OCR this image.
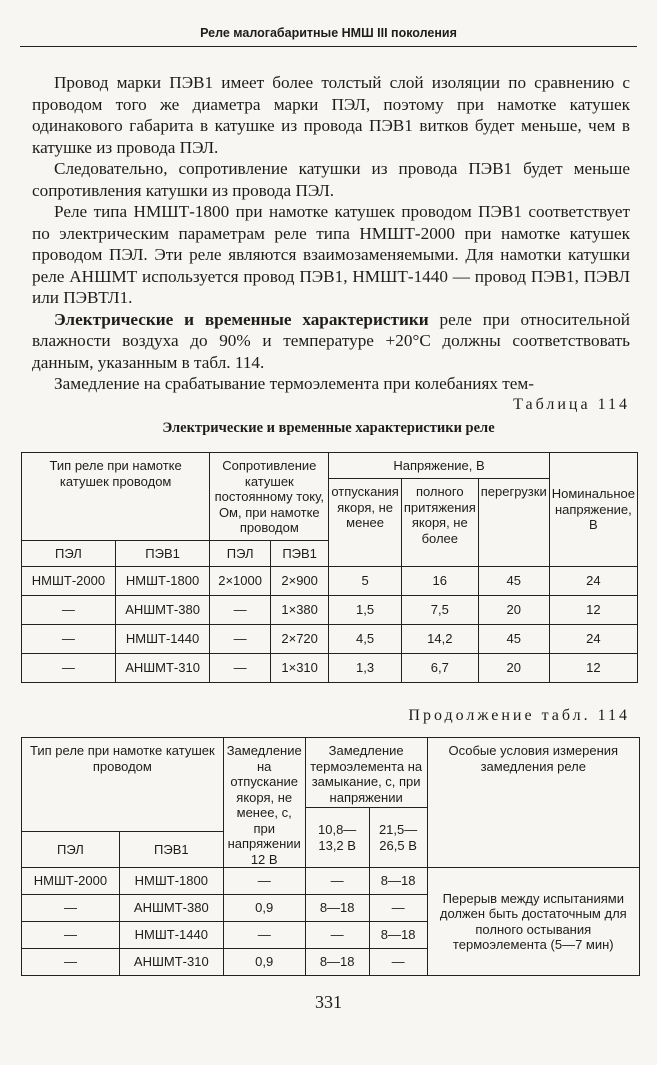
Реле малогабаритные НМШ III поколения

Провод марки ПЭВ1 имеет более толстый слой изоляции по сравнению с проводом того же диаметра марки ПЭЛ, поэтому при намотке катушек одинакового габарита в катушке из провода ПЭВ1 витков будет меньше, чем в катушке из провода ПЭЛ.

Следовательно, сопротивление катушки из провода ПЭВ1 будет меньше сопротивления катушки из провода ПЭЛ.

Реле типа НМШТ-1800 при намотке катушек проводом ПЭВ1 соответствует по электрическим параметрам реле типа НМШТ-2000 при намотке катушек проводом ПЭЛ. Эти реле являются взаимозаменяемыми. Для намотки катушки реле АНШМТ используется провод ПЭВ1, НМШТ-1440 — провод ПЭВ1, ПЭВЛ или ПЭВТЛ1.

Электрические и временные характеристики реле при относительной влажности воздуха до 90% и температуре +20°С должны соответствовать данным, указанным в табл. 114.

Замедление на срабатывание термоэлемента при колебаниях тем-

Таблица 114
Электрические и временные характеристики реле
Тип реле при намотке катушек проводом		Сопротивление катушек постоянному току, Ом, при намотке проводом		Напряжение, В			Номинальное напряжение, В
				отпускания якоря, не менее	полного притяжения якоря, не более	перегрузки	
ПЭЛ	ПЭВ1	ПЭЛ	ПЭВ1				
НМШТ-2000	НМШТ-1800	2×1000	2×900	5	16	45	24
—	АНШМТ-380	—	1×380	1,5	7,5	20	12
—	НМШТ-1440	—	2×720	4,5	14,2	45	24
—	АНШМТ-310	—	1×310	1,3	6,7	20	12
Продолжение табл. 114
Тип реле при намотке катушек проводом		Замедление на отпускание якоря, не менее, с, при напряжении 12 В	Замедление термоэлемента на замыкание, с, при напряжении		Особые условия измерения замедления реле
			10,8—13,2 В	21,5—26,5 В	
ПЭЛ	ПЭВ1				
НМШТ-2000	НМШТ-1800	—	—	8—18	Перерыв между испытаниями должен быть достаточным для полного остывания термоэлемента (5—7 мин)
—	АНШМТ-380	0,9	8—18	—	
—	НМШТ-1440	—	—	8—18	
—	АНШМТ-310	0,9	8—18	—	
331
